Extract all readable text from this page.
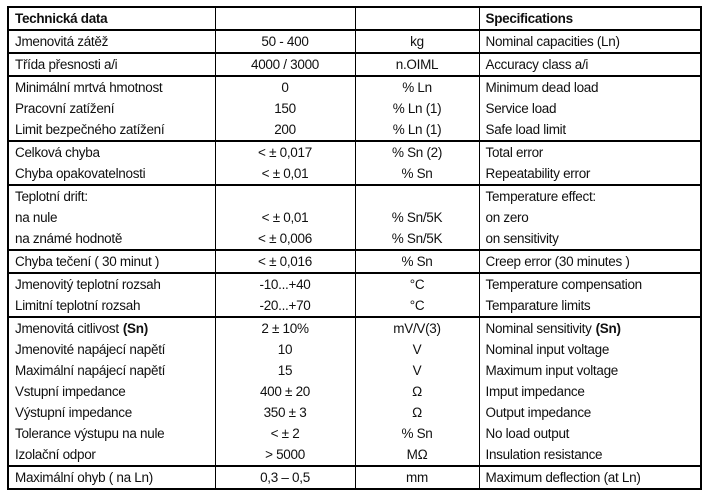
Technická data			Specifications
Jmenovitá zátěž	50 - 400	kg	Nominal capacities (Ln)
Třída přesnosti a/i	4000 / 3000	n.OIML	Accuracy class a/i
Minimální mrtvá hmotnost	0	% Ln	Minimum dead load
Pracovní zatížení	150	% Ln (1)	Service load
Limit bezpečného zatížení	200	% Ln (1)	Safe load limit
Celková chyba	< ± 0,017	% Sn (2)	Total error
Chyba opakovatelnosti	< ± 0,01	% Sn	Repeatability error
Teplotní drift:			Temperature effect:
na nule	< ± 0,01	% Sn/5K	on zero
na známé hodnotě	< ± 0,006	% Sn/5K	on sensitivity
Chyba tečení ( 30 minut )	< ± 0,016	% Sn	Creep error (30 minutes )
Jmenovitý teplotní rozsah	-10...+40	°C	Temperature compensation
Limitní teplotní rozsah	-20...+70	°C	Temparature limits
Jmenovitá citlivost (Sn)	2 ± 10%	mV/V(3)	Nominal sensitivity (Sn)
Jmenovité napájecí napětí	10	V	Nominal input voltage
Maximální napájecí napětí	15	V	Maximum input voltage
Vstupní impedance	400 ± 20	Ω	Imput impedance
Výstupní impedance	350 ± 3	Ω	Output impedance
Tolerance výstupu na nule	< ± 2	% Sn	No load output
Izolační odpor	> 5000	MΩ	Insulation resistance
Maximální ohyb ( na Ln)	0,3 – 0,5	mm	Maximum deflection (at Ln)
